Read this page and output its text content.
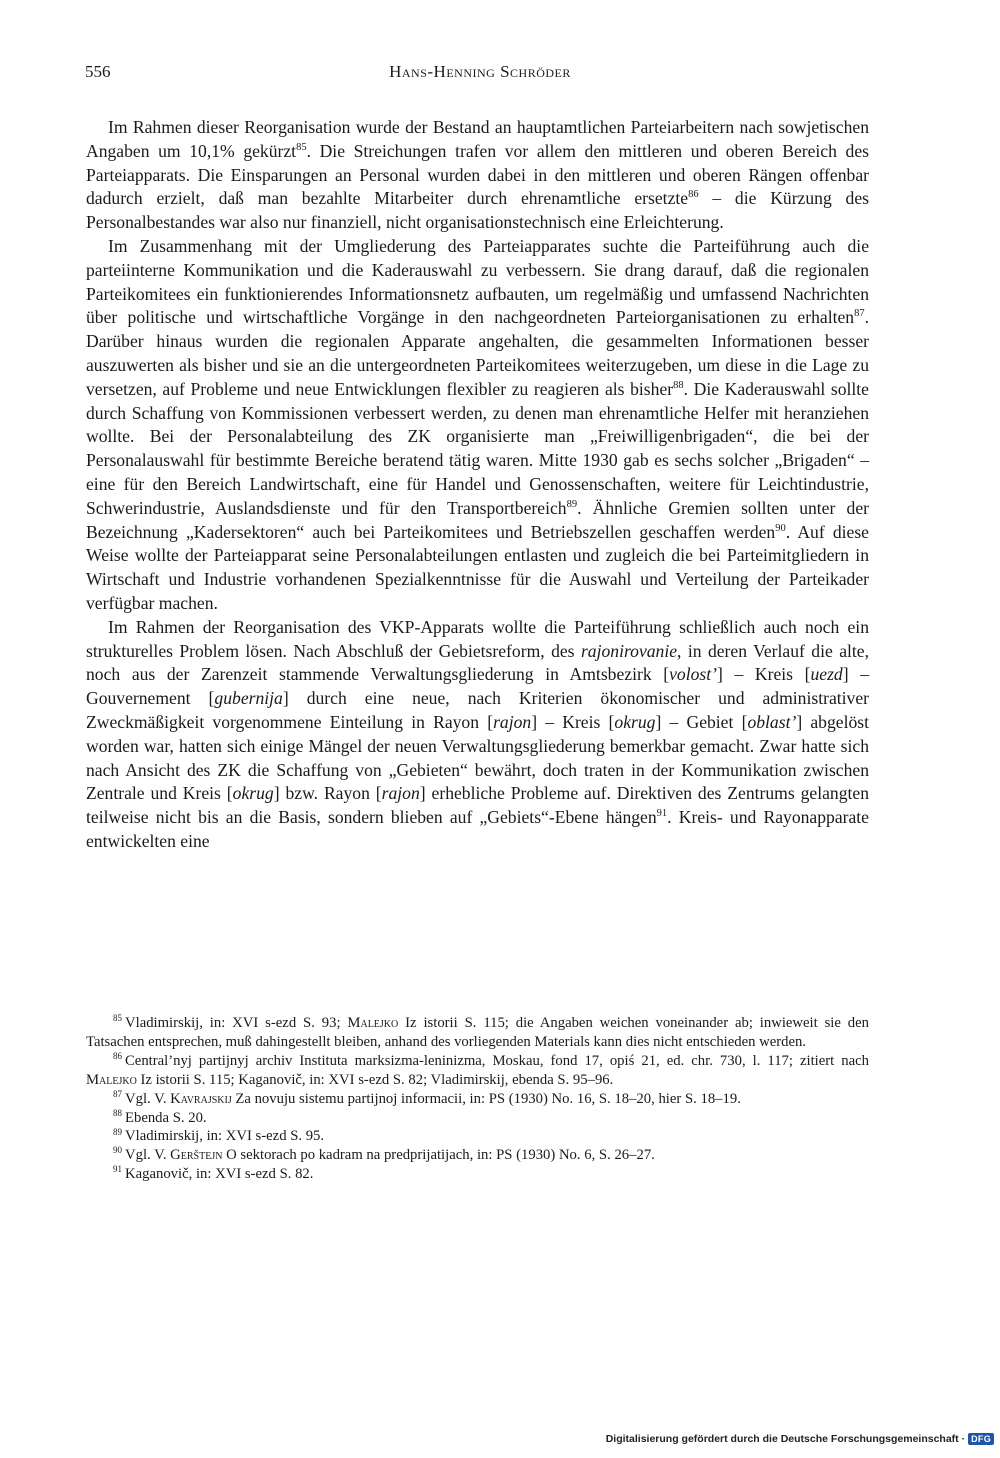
556	Hans-Henning Schröder

Im Rahmen dieser Reorganisation wurde der Bestand an hauptamtlichen Parteiarbeitern nach sowjetischen Angaben um 10,1% gekürzt$^{85}$. Die Streichungen trafen vor allem den mittleren und oberen Bereich des Parteiapparats. Die Einsparungen an Personal wurden dabei in den mittleren und oberen Rängen offenbar dadurch erzielt, daß man bezahlte Mitarbeiter durch ehrenamtliche ersetzte$^{86}$ – die Kürzung des Personalbestandes war also nur finanziell, nicht organisationstechnisch eine Erleichterung.

Im Zusammenhang mit der Umgliederung des Parteiapparates suchte die Parteiführung auch die parteiinterne Kommunikation und die Kaderauswahl zu verbessern. Sie drang darauf, daß die regionalen Parteikomitees ein funktionierendes Informationsnetz aufbauten, um regelmäßig und umfassend Nachrichten über politische und wirtschaftliche Vorgänge in den nachgeordneten Parteiorganisationen zu erhalten$^{87}$. Darüber hinaus wurden die regionalen Apparate angehalten, die gesammelten Informationen besser auszuwerten als bisher und sie an die untergeordneten Parteikomitees weiterzugeben, um diese in die Lage zu versetzen, auf Probleme und neue Entwicklungen flexibler zu reagieren als bisher$^{88}$. Die Kaderauswahl sollte durch Schaffung von Kommissionen verbessert werden, zu denen man ehrenamtliche Helfer mit heranziehen wollte. Bei der Personalabteilung des ZK organisierte man „Freiwilligenbrigaden“, die bei der Personalauswahl für bestimmte Bereiche beratend tätig waren. Mitte 1930 gab es sechs solcher „Brigaden“ – eine für den Bereich Landwirtschaft, eine für Handel und Genossenschaften, weitere für Leichtindustrie, Schwerindustrie, Auslandsdienste und für den Transportbereich$^{89}$. Ähnliche Gremien sollten unter der Bezeichnung „Kadersektoren“ auch bei Parteikomitees und Betriebszellen geschaffen werden$^{90}$. Auf diese Weise wollte der Parteiapparat seine Personalabteilungen entlasten und zugleich die bei Parteimitgliedern in Wirtschaft und Industrie vorhandenen Spezialkenntnisse für die Auswahl und Verteilung der Parteikader verfügbar machen.

Im Rahmen der Reorganisation des VKP-Apparats wollte die Parteiführung schließlich auch noch ein strukturelles Problem lösen. Nach Abschluß der Gebietsreform, des rajonirovanie, in deren Verlauf die alte, noch aus der Zarenzeit stammende Verwaltungsgliederung in Amtsbezirk [volost’] – Kreis [uezd] – Gouvernement [gubernija] durch eine neue, nach Kriterien ökonomischer und administrativer Zweckmäßigkeit vorgenommene Einteilung in Rayon [rajon] – Kreis [okrug] – Gebiet [oblast’] abgelöst worden war, hatten sich einige Mängel der neuen Verwaltungsgliederung bemerkbar gemacht. Zwar hatte sich nach Ansicht des ZK die Schaffung von „Gebieten“ bewährt, doch traten in der Kommunikation zwischen Zentrale und Kreis [okrug] bzw. Rayon [rajon] erhebliche Probleme auf. Direktiven des Zentrums gelangten teilweise nicht bis an die Basis, sondern blieben auf „Gebiets“-Ebene hängen$^{91}$. Kreis- und Rayonapparate entwickelten eine

$^{85}$ Vladimirskij, in: XVI s-ezd S. 93; Malejko Iz istorii S. 115; die Angaben weichen voneinander ab; inwieweit sie den Tatsachen entsprechen, muß dahingestellt bleiben, anhand des vorliegenden Materials kann dies nicht entschieden werden.

$^{86}$ Central’nyj partijnyj archiv Instituta marksizma-leninizma, Moskau, fond 17, opiś 21, ed. chr. 730, l. 117; zitiert nach Malejko Iz istorii S. 115; Kaganovič, in: XVI s-ezd S. 82; Vladimirskij, ebenda S. 95–96.

$^{87}$ Vgl. V. Kavrajskij Za novuju sistemu partijnoj informacii, in: PS (1930) No. 16, S. 18–20, hier S. 18–19.

$^{88}$ Ebenda S. 20.

$^{89}$ Vladimirskij, in: XVI s-ezd S. 95.

$^{90}$ Vgl. V. Gerštejn O sektorach po kadram na predprijatijach, in: PS (1930) No. 6, S. 26–27.

$^{91}$ Kaganovič, in: XVI s-ezd S. 82.

Digitalisierung gefördert durch die Deutsche Forschungsgemeinschaft · DFG
